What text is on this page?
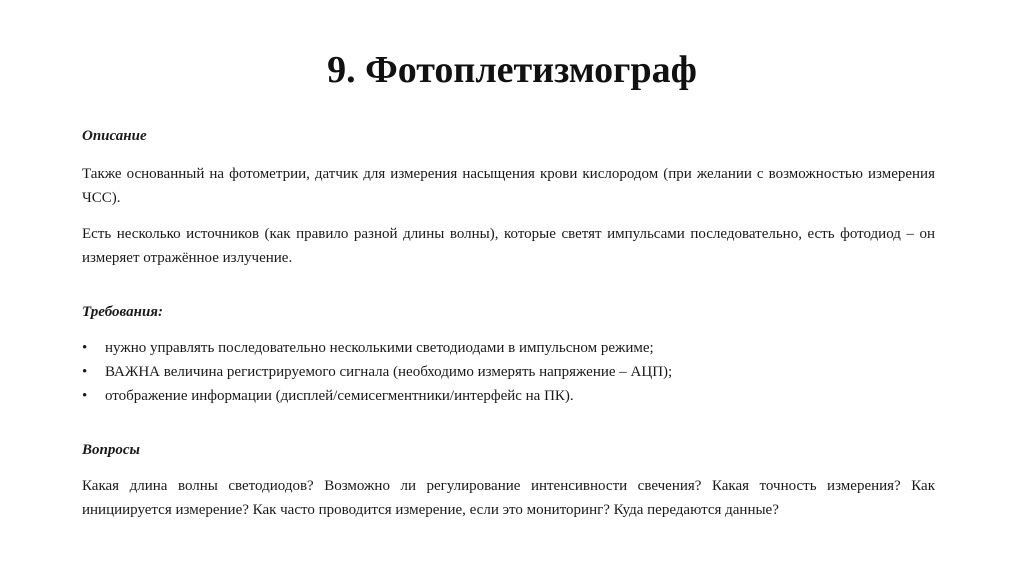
9. Фотоплетизмограф
Описание
Также основанный на фотометрии, датчик для измерения насыщения крови кислородом (при желании с возможностью измерения ЧСС).
Есть несколько источников (как правило разной длины волны), которые светят импульсами последовательно, есть фотодиод – он измеряет отражённое излучение.
Требования:
• нужно управлять последовательно несколькими светодиодами в импульсном режиме;
• ВАЖНА величина регистрируемого сигнала (необходимо измерять напряжение – АЦП);
• отображение информации (дисплей/семисегментники/интерфейс на ПК).
Вопросы
Какая длина волны светодиодов? Возможно ли регулирование интенсивности свечения? Какая точность измерения? Как инициируется измерение? Как часто проводится измерение, если это мониторинг? Куда передаются данные?
